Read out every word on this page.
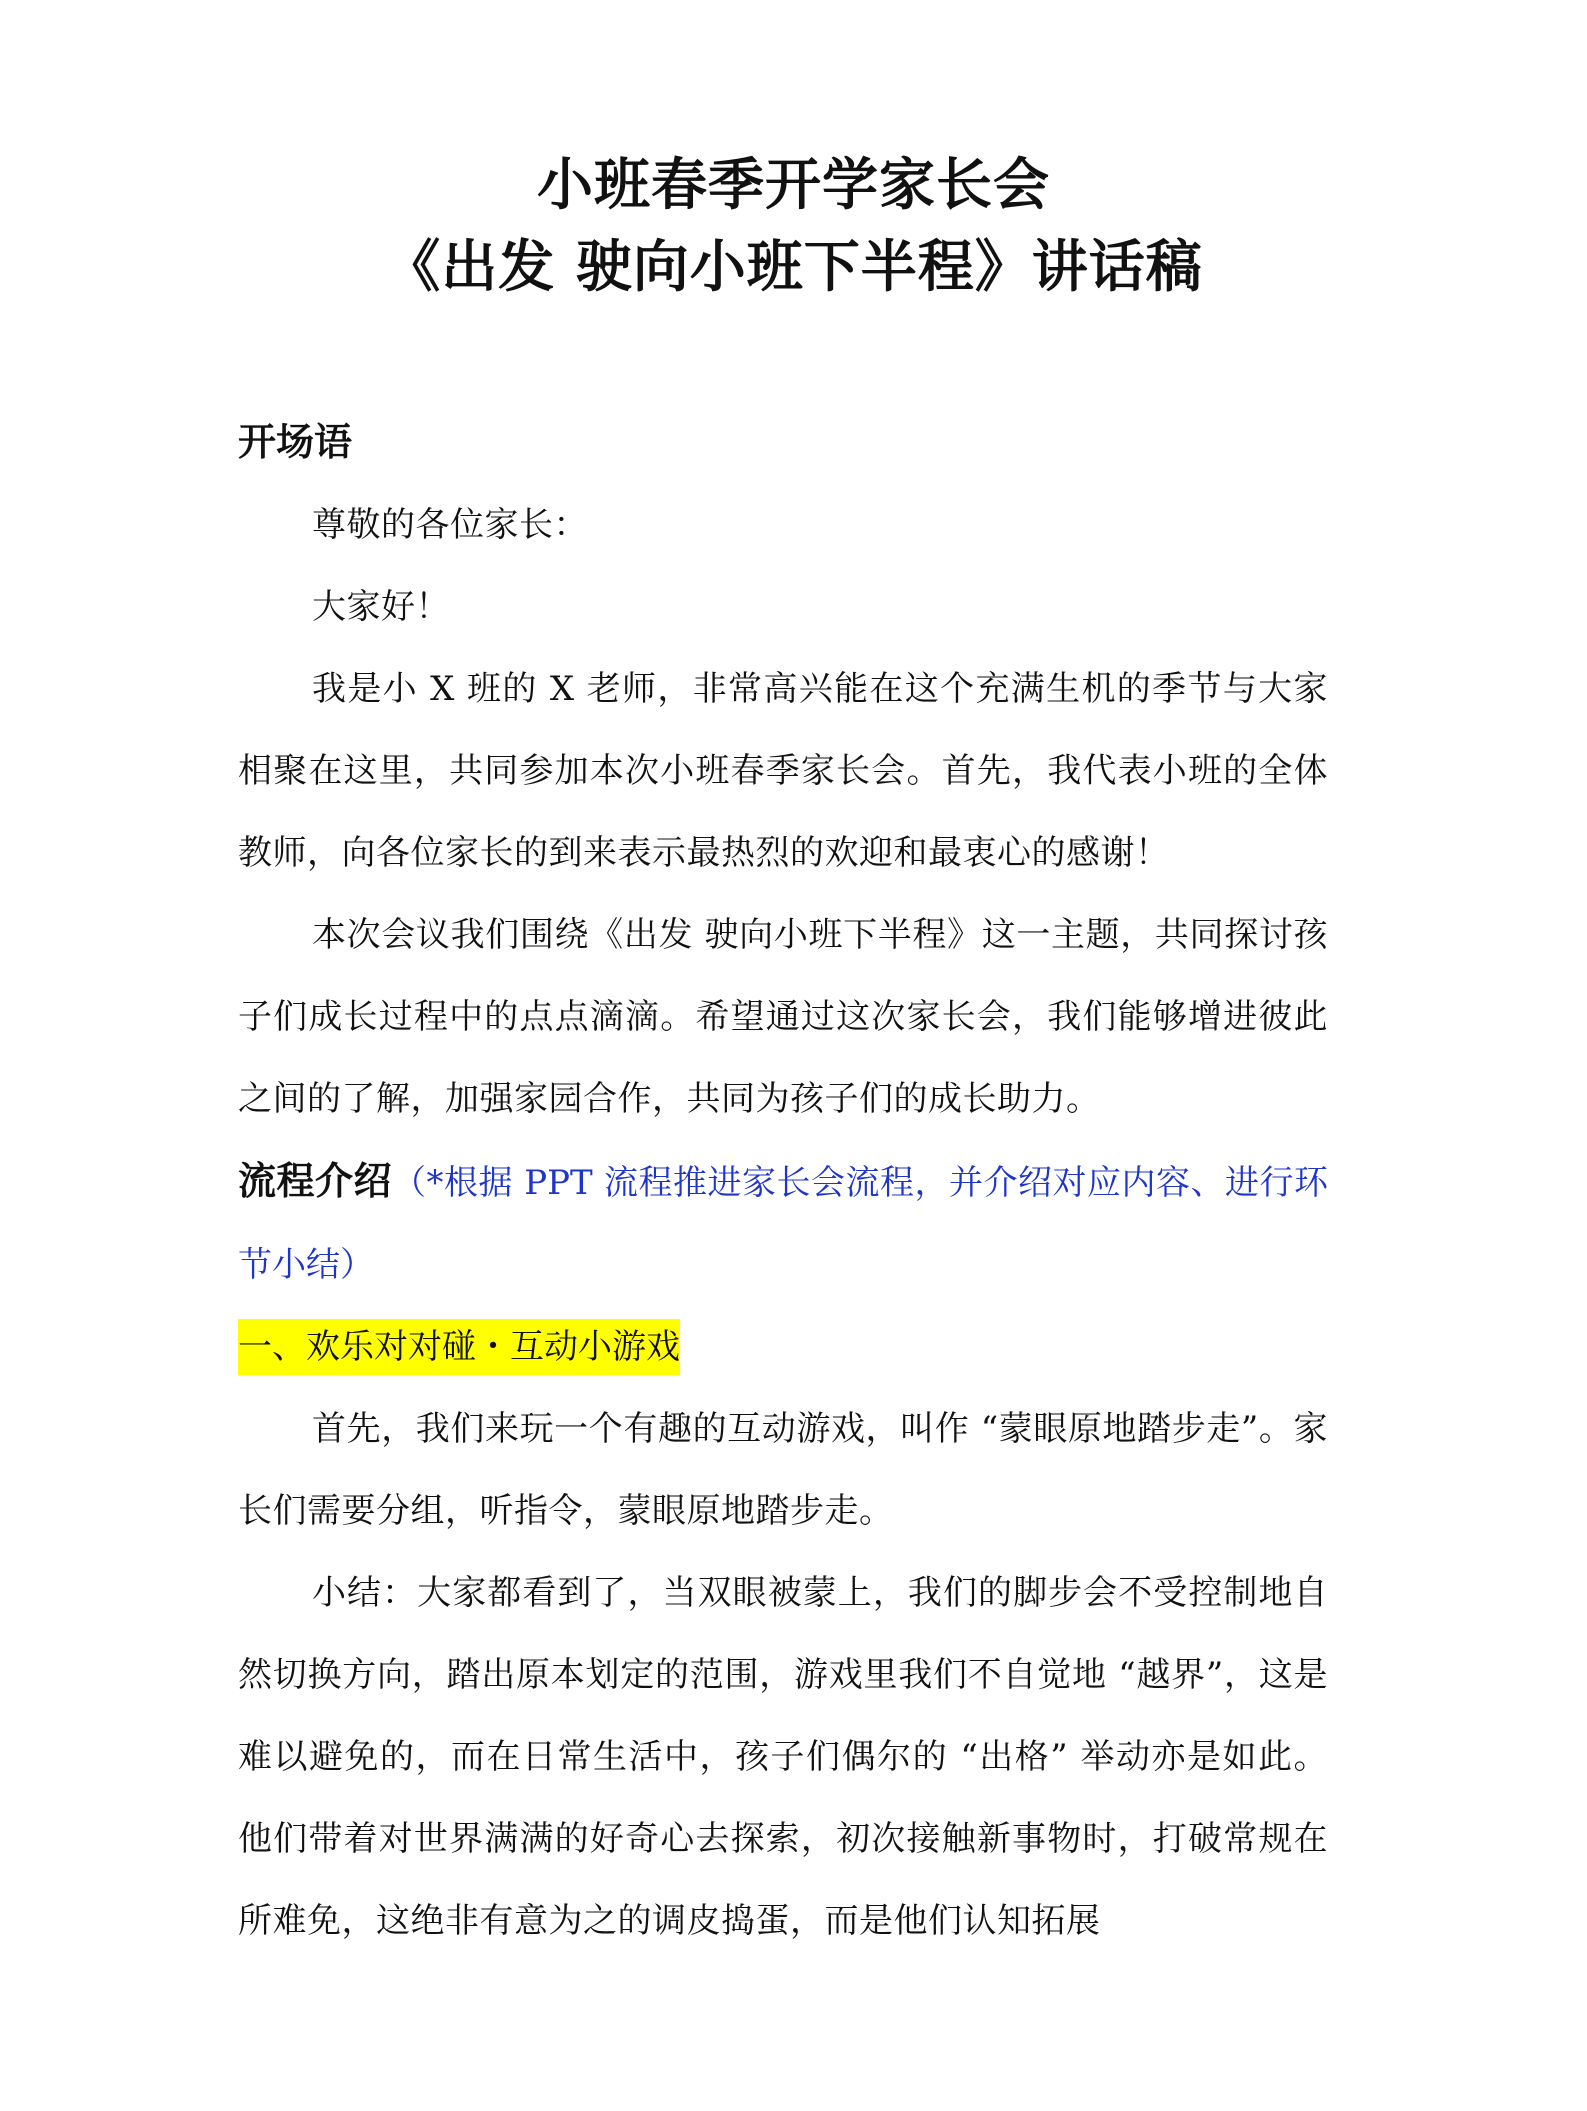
小班春季开学家长会
《出发 驶向小班下半程》讲话稿
开场语

尊敬的各位家长：

大家好！

我是小 X 班的 X 老师，非常高兴能在这个充满生机的季节与大家相聚在这里，共同参加本次小班春季家长会。首先，我代表小班的全体教师，向各位家长的到来表示最热烈的欢迎和最衷心的感谢！

本次会议我们围绕《出发 驶向小班下半程》这一主题，共同探讨孩子们成长过程中的点点滴滴。希望通过这次家长会，我们能够增进彼此之间的了解，加强家园合作，共同为孩子们的成长助力。

流程介绍（*根据 PPT 流程推进家长会流程，并介绍对应内容、进行环节小结）

一、欢乐对对碰・互动小游戏

首先，我们来玩一个有趣的互动游戏，叫作 “蒙眼原地踏步走”。家长们需要分组，听指令，蒙眼原地踏步走。

小结：大家都看到了，当双眼被蒙上，我们的脚步会不受控制地自然切换方向，踏出原本划定的范围，游戏里我们不自觉地 “越界”，这是难以避免的，而在日常生活中，孩子们偶尔的 “出格” 举动亦是如此。他们带着对世界满满的好奇心去探索，初次接触新事物时，打破常规在所难免，这绝非有意为之的调皮捣蛋，而是他们认知拓展
